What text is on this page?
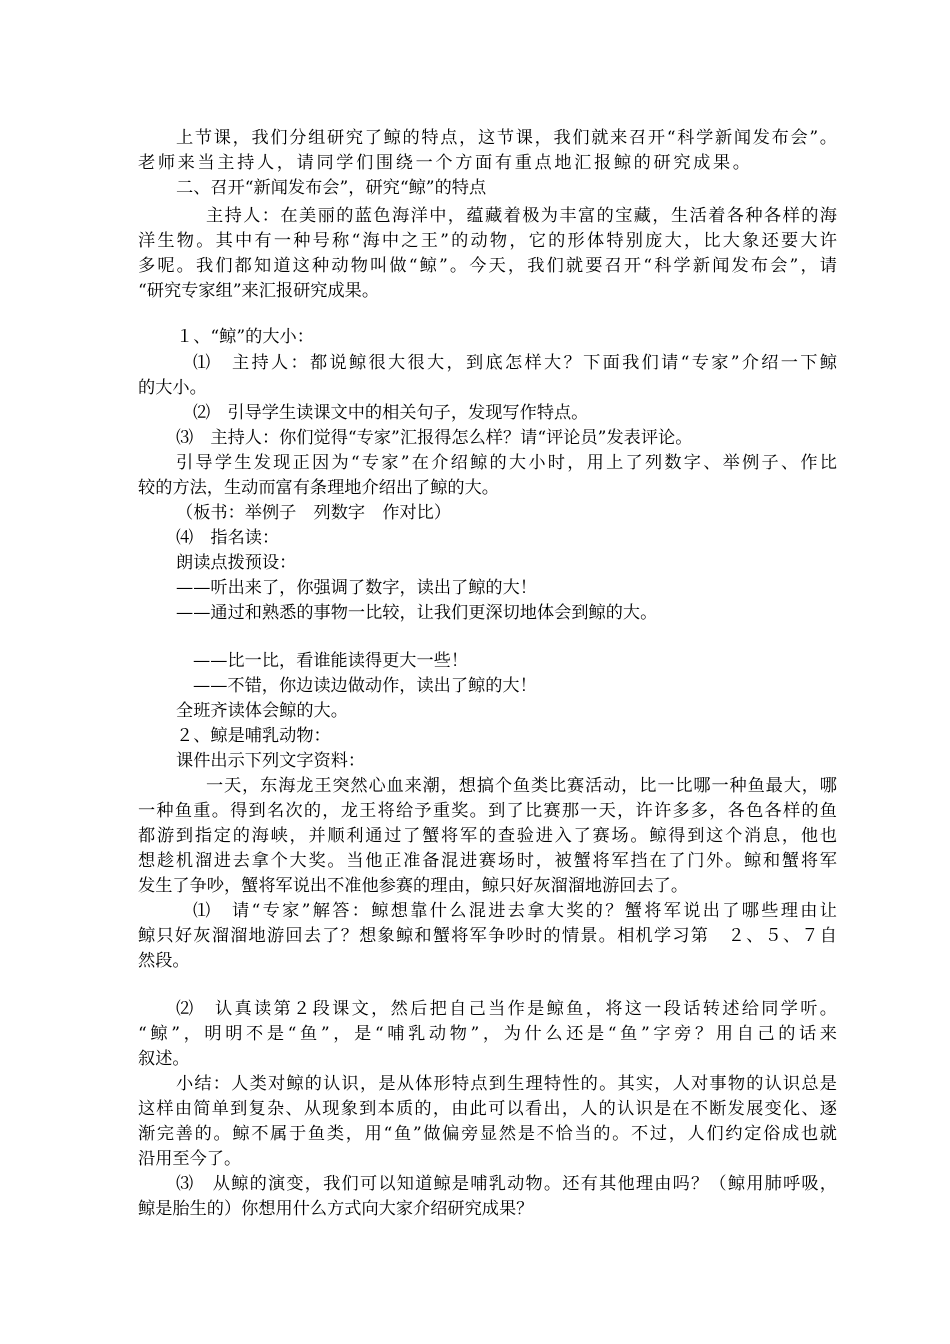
上节课，我们分组研究了鲸的特点，这节课，我们就来召开“科学新闻发布会”。
老师来当主持人，请同学们围绕一个方面有重点地汇报鲸的研究成果。
二、召开“新闻发布会”，研究“鲸”的特点
主持人：在美丽的蓝色海洋中，蕴藏着极为丰富的宝藏，生活着各种各样的海
洋生物。其中有一种号称“海中之王”的动物，它的形体特别庞大，比大象还要大许
多呢。我们都知道这种动物叫做“鲸”。今天，我们就要召开“科学新闻发布会”，请
“研究专家组”来汇报研究成果。
１、“鲸”的大小：
⑴　主持人：都说鲸很大很大，到底怎样大？下面我们请“专家”介绍一下鲸
的大小。
⑵　引导学生读课文中的相关句子，发现写作特点。
⑶　主持人：你们觉得“专家”汇报得怎么样？请“评论员”发表评论。
引导学生发现正因为“专家”在介绍鲸的大小时，用上了列数字、举例子、作比
较的方法，生动而富有条理地介绍出了鲸的大。
（板书：举例子　列数字　作对比）
⑷　指名读：
朗读点拨预设：
——听出来了，你强调了数字，读出了鲸的大！
——通过和熟悉的事物一比较，让我们更深切地体会到鲸的大。
——比一比，看谁能读得更大一些！
——不错，你边读边做动作，读出了鲸的大！
全班齐读体会鲸的大。
２、鲸是哺乳动物：
课件出示下列文字资料：
一天，东海龙王突然心血来潮，想搞个鱼类比赛活动，比一比哪一种鱼最大，哪
一种鱼重。得到名次的，龙王将给予重奖。到了比赛那一天，许许多多，各色各样的鱼
都游到指定的海峡，并顺利通过了蟹将军的查验进入了赛场。鲸得到这个消息，他也
想趁机溜进去拿个大奖。当他正准备混进赛场时，被蟹将军挡在了门外。鲸和蟹将军
发生了争吵，蟹将军说出不准他参赛的理由，鲸只好灰溜溜地游回去了。
⑴　请“专家”解答：鲸想靠什么混进去拿大奖的？蟹将军说出了哪些理由让
鲸只好灰溜溜地游回去了？想象鲸和蟹将军争吵时的情景。相机学习第　２、５、７自
然段。
⑵　认真读第２段课文，然后把自己当作是鲸鱼，将这一段话转述给同学听。
“鲸”，明明不是“鱼”，是“哺乳动物”，为什么还是“鱼”字旁？用自己的话来
叙述。
小结：人类对鲸的认识，是从体形特点到生理特性的。其实，人对事物的认识总是
这样由简单到复杂、从现象到本质的，由此可以看出，人的认识是在不断发展变化、逐
渐完善的。鲸不属于鱼类，用“鱼”做偏旁显然是不恰当的。不过，人们约定俗成也就
沿用至今了。
⑶　从鲸的演变，我们可以知道鲸是哺乳动物。还有其他理由吗？（鲸用肺呼吸，
鲸是胎生的）你想用什么方式向大家介绍研究成果？
